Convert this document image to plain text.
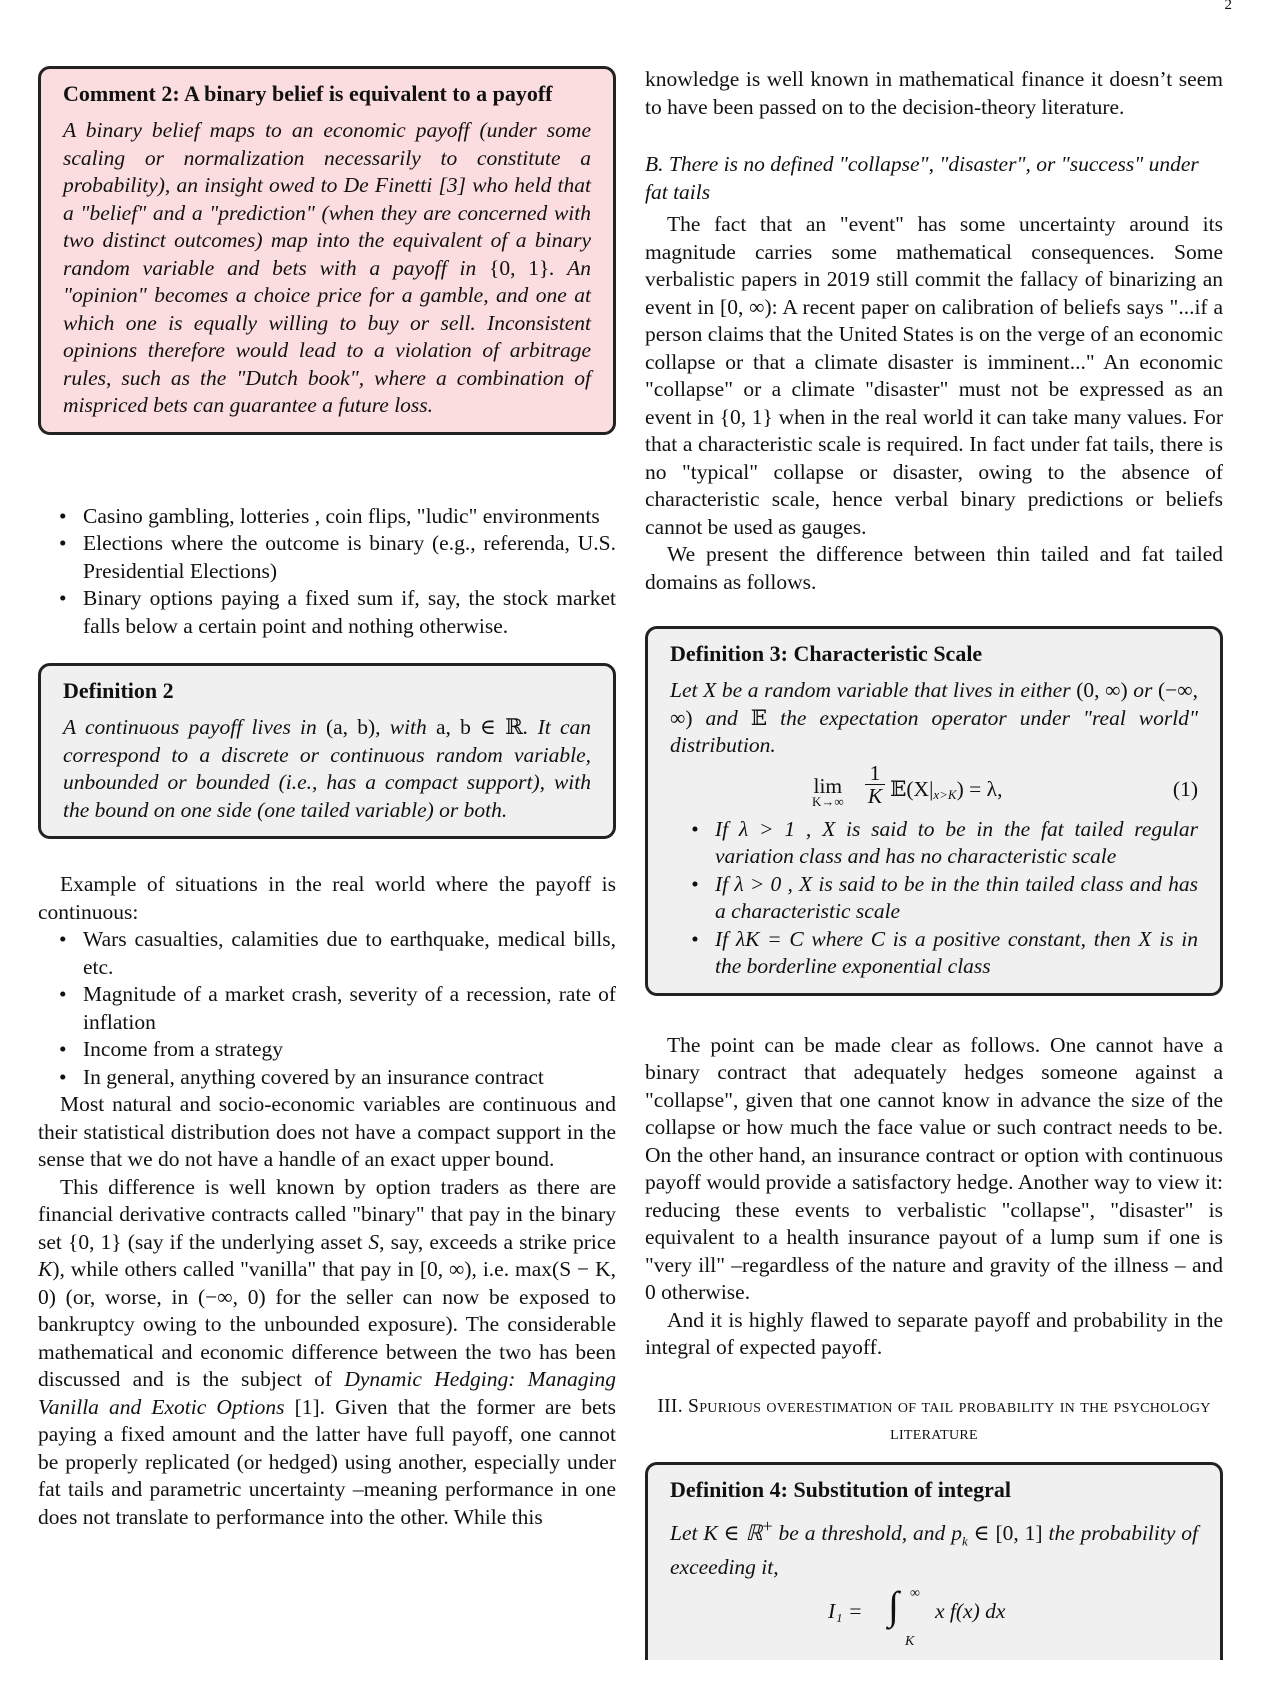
2
Comment 2: A binary belief is equivalent to a payoff
A binary belief maps to an economic payoff (under some scaling or normalization necessarily to constitute a probability), an insight owed to De Finetti [3] who held that a "belief" and a "prediction" (when they are concerned with two distinct outcomes) map into the equivalent of a binary random variable and bets with a payoff in {0, 1}. An "opinion" becomes a choice price for a gamble, and one at which one is equally willing to buy or sell. Inconsistent opinions therefore would lead to a violation of arbitrage rules, such as the "Dutch book", where a combination of mispriced bets can guarantee a future loss.
• Casino gambling, lotteries , coin flips, "ludic" environments
• Elections where the outcome is binary (e.g., referenda, U.S. Presidential Elections)
• Binary options paying a fixed sum if, say, the stock market falls below a certain point and nothing otherwise.
Definition 2
A continuous payoff lives in (a, b), with a, b ∈ ℝ. It can correspond to a discrete or continuous random variable, unbounded or bounded (i.e., has a compact support), with the bound on one side (one tailed variable) or both.

Example of situations in the real world where the payoff is continuous:

• Wars casualties, calamities due to earthquake, medical bills, etc.
• Magnitude of a market crash, severity of a recession, rate of inflation
• Income from a strategy
• In general, anything covered by an insurance contract

Most natural and socio-economic variables are continuous and their statistical distribution does not have a compact support in the sense that we do not have a handle of an exact upper bound.

This difference is well known by option traders as there are financial derivative contracts called "binary" that pay in the binary set {0, 1} (say if the underlying asset S, say, exceeds a strike price K), while others called "vanilla" that pay in [0, ∞), i.e. max(S − K, 0) (or, worse, in (−∞, 0) for the seller can now be exposed to bankruptcy owing to the unbounded exposure). The considerable mathematical and economic difference between the two has been discussed and is the subject of Dynamic Hedging: Managing Vanilla and Exotic Options [1]. Given that the former are bets paying a fixed amount and the latter have full payoff, one cannot be properly replicated (or hedged) using another, especially under fat tails and parametric uncertainty –meaning performance in one does not translate to performance into the other. While this

knowledge is well known in mathematical finance it doesn’t seem to have been passed on to the decision-theory literature.

B. There is no defined "collapse", "disaster", or "success" under fat tails

The fact that an "event" has some uncertainty around its magnitude carries some mathematical consequences. Some verbalistic papers in 2019 still commit the fallacy of binarizing an event in [0, ∞): A recent paper on calibration of beliefs says "...if a person claims that the United States is on the verge of an economic collapse or that a climate disaster is imminent..." An economic "collapse" or a climate "disaster" must not be expressed as an event in {0, 1} when in the real world it can take many values. For that a characteristic scale is required. In fact under fat tails, there is no "typical" collapse or disaster, owing to the absence of characteristic scale, hence verbal binary predictions or beliefs cannot be used as gauges.

We present the difference between thin tailed and fat tailed domains as follows.

Definition 3: Characteristic Scale
Let X be a random variable that lives in either (0, ∞) or (−∞, ∞) and 𝔼 the expectation operator under "real world" distribution.
lim
K→∞
1
K 𝔼(X|x>K) = λ,	(1)
• If λ > 1 , X is said to be in the fat tailed regular variation class and has no characteristic scale
• If λ > 0 , X is said to be in the thin tailed class and has a characteristic scale
• If λK = C where C is a positive constant, then X is in the borderline exponential class

The point can be made clear as follows. One cannot have a binary contract that adequately hedges someone against a "collapse", given that one cannot know in advance the size of the collapse or how much the face value or such contract needs to be. On the other hand, an insurance contract or option with continuous payoff would provide a satisfactory hedge. Another way to view it: reducing these events to verbalistic "collapse", "disaster" is equivalent to a health insurance payout of a lump sum if one is "very ill" –regardless of the nature and gravity of the illness – and 0 otherwise.

And it is highly flawed to separate payoff and probability in the integral of expected payoff.

III. Spurious overestimation of tail probability in the psychology literature
Definition 4: Substitution of integral
Let K ∈ ℝ+ be a threshold, and $p_k$ ∈ [0, 1] the probability of exceeding it,
I₁ = ∫ ∞
K
x f(x) dx
